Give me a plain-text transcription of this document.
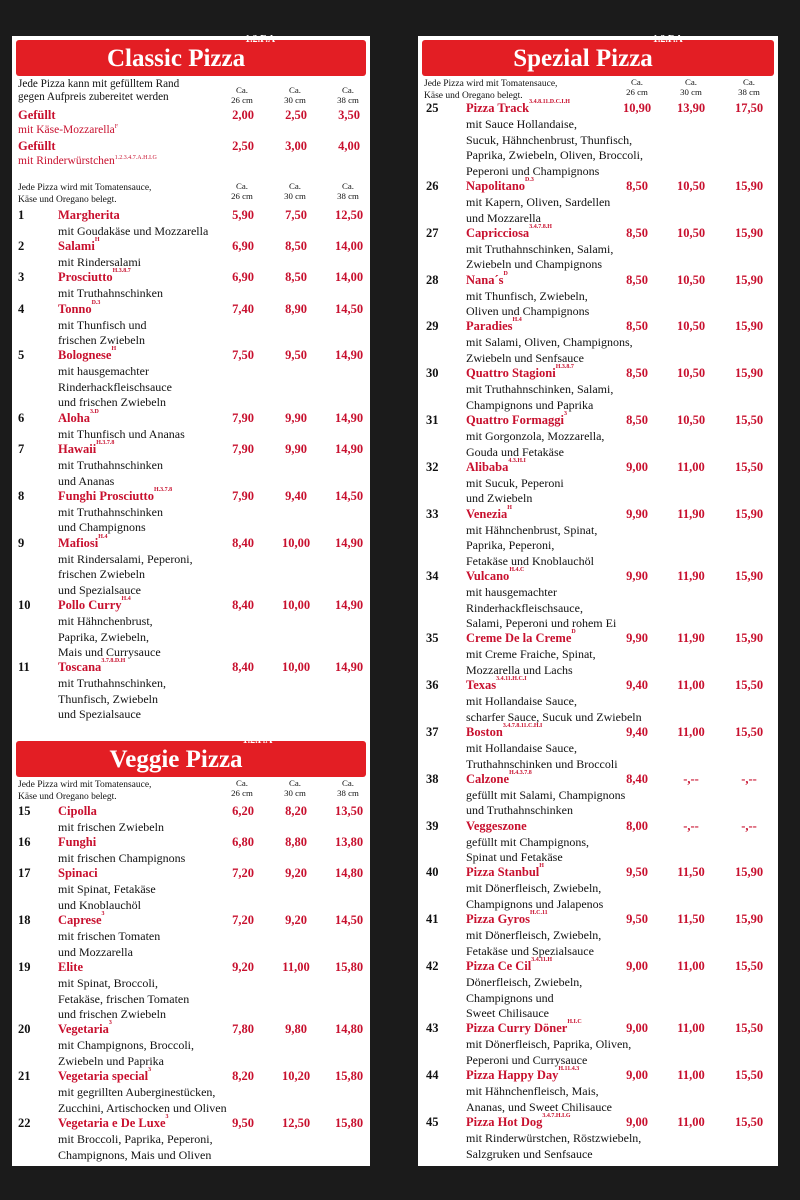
Classic Pizza$^{1.2.F.A}$
Jede Pizza kann mit gefülltem Rand
gegen Aufpreis zubereitet werden
Ca.
26 cm
Ca.
30 cm
Ca.
38 cm
Gefüllt	2,00	2,50	3,50
mit Käse-Mozzarella$^F$
Gefüllt	2,50	3,00	4,00
mit Rinderwürstchen$^{1.2.3.4.7.A.H.I.G}$
Jede Pizza wird mit Tomatensauce,
Käse und Oregano belegt.
Ca.
26 cm
Ca.
30 cm
Ca.
38 cm
1	Margherita	5,90	7,50	12,50
mit Goudakäse und Mozzarella
2	Salami$^H$	6,90	8,50	14,00
mit Rindersalami
3	Prosciutto$^{H.3.8.7}$	6,90	8,50	14,00
mit Truthahnschinken
4	Tonno$^{D.3}$	7,40	8,90	14,50
mit Thunfisch und
frischen Zwiebeln
5	Bolognese$^H$	7,50	9,50	14,90
mit hausgemachter
Rinderhackfleischsauce
und frischen Zwiebeln
6	Aloha$^{3.D}$	7,90	9,90	14,90
mit Thunfisch und Ananas
7	Hawaii$^{H.3.7.8}$	7,90	9,90	14,90
mit Truthahnschinken
und Ananas
8	Funghi Prosciutto$^{H.3.7.8}$	7,90	9,40	14,50
mit Truthahnschinken
und Champignons
9	Mafiosi$^{H.4}$	8,40	10,00	14,90
mit Rindersalami, Peperoni,
frischen Zwiebeln
und Spezialsauce
10 Pollo Curry$^{H.4}$	8,40	10,00	14,90
mit Hähnchenbrust,
Paprika, Zwiebeln,
Mais und Currysauce
11 Toscana$^{3.7.8.D.H}$	8,40	10,00	14,90
mit Truthahnschinken,
Thunfisch, Zwiebeln
und Spezialsauce
Veggie Pizza$^{1.2.F.A}$
Jede Pizza wird mit Tomatensauce,
Käse und Oregano belegt.
Ca.
26 cm
Ca.
30 cm
Ca.
38 cm
15 Cipolla	6,20	8,20	13,50
mit frischen Zwiebeln
16 Funghi	6,80	8,80	13,80
mit frischen Champignons
17 Spinaci	7,20	9,20	14,80
mit Spinat, Fetakäse
und Knoblauchöl
18 Caprese$^3$	7,20	9,20	14,50
mit frischen Tomaten
und Mozzarella
19 Elite	9,20	11,00	15,80
mit Spinat, Broccoli,
Fetakäse, frischen Tomaten
und frischen Zwiebeln
20 Vegetaria$^3$	7,80	9,80	14,80
mit Champignons, Broccoli,
Zwiebeln und Paprika
21 Vegetaria special$^3$	8,20	10,20	15,80
mit gegrillten Auberginestücken,
Zucchini, Artischocken und Oliven
22 Vegetaria e De Luxe$^3$	9,50	12,50	15,80
mit Broccoli, Paprika, Peperoni,
Champignons, Mais und Oliven
Spezial Pizza$^{1.2.F.A}$
Jede Pizza wird mit Tomatensauce,
Käse und Oregano belegt.
Ca.
26 cm
Ca.
30 cm
Ca.
38 cm
25 Pizza Track$^{3.4.8.11.D.C.I.H}$	10,90	13,90	17,50
mit Sauce Hollandaise,
Sucuk, Hähnchenbrust, Thunfisch,
Paprika, Zwiebeln, Oliven, Broccoli,
Peperoni und Champignons
26 Napolitano$^{D.3}$	8,50	10,50	15,90
mit Kapern, Oliven, Sardellen
und Mozzarella
27 Capricciosa$^{3.4.7.8.H}$	8,50	10,50	15,90
mit Truthahnschinken, Salami,
Zwiebeln und Champignons
28 $Nana´s^D$	8,50	10,50	15,90
mit Thunfisch, Zwiebeln,
Oliven und Champignons
29 Paradies$^{H.4}$	8,50	10,50	15,90
mit Salami, Oliven, Champignons,
Zwiebeln und Senfsauce
30 Quattro Stagioni$^{H.3.8.7}$	8,50	10,50	15,90
mit Truthahnschinken, Salami,
Champignons und Paprika
31 Quattro Formaggi$^3$	8,50	10,50	15,50
mit Gorgonzola, Mozzarella,
Gouda und Fetakäse
32 Alibaba$^{4.3.H.I}$	9,00	11,00	15,50
mit Sucuk, Peperoni
und Zwiebeln
33 Venezia$^H$	9,90	11,90	15,90
mit Hähnchenbrust, Spinat,
Paprika, Peperoni,
Fetakäse und Knoblauchöl
34 Vulcano$^{H.4.C}$	9,90	11,90	15,90
mit hausgemachter
Rinderhackfleischsauce,
Salami, Peperoni und rohem Ei
35 Creme De la Creme$^D$	9,90	11,90	15,90
mit Creme Fraiche, Spinat,
Mozzarella und Lachs
36 Texas$^{3.4.11.H.C.I}$	9,40	11,00	15,50
mit Hollandaise Sauce,
scharfer Sauce, Sucuk und Zwiebeln
37 Boston$^{3.4.7.8.11.C.H.I}$	9,40	11,00	15,50
mit Hollandaise Sauce,
Truthahnschinken und Broccoli
38 Calzone$^{H.4.3.7.8}$	8,40	-,--	-,--
gefüllt mit Salami, Champignons
und Truthahnschinken
39 Veggeszone	8,00	-,--	-,--
gefüllt mit Champignons,
Spinat und Fetakäse
40 Pizza Stanbul$^H$	9,50	11,50	15,90
mit Dönerfleisch, Zwiebeln,
Champignons und Jalapenos
41 Pizza Gyros$^{H.C.11}$	9,50	11,50	15,90
mit Dönerfleisch, Zwiebeln,
Fetakäse und Spezialsauce
42 Pizza Ce Cil$^{3.4.11.H}$	9,00	11,00	15,50
Dönerfleisch, Zwiebeln,
Champignons und
Sweet Chilisauce
43 Pizza Curry Döner$^{H.I.C}$	9,00	11,00	15,50
mit Dönerfleisch, Paprika, Oliven,
Peperoni und Currysauce
44 Pizza Happy Day$^{H.11.4.3}$	9,00	11,00	15,50
mit Hähnchenfleisch, Mais,
Ananas, und Sweet Chilisauce
45 Pizza Hot Dog$^{3.4.7.H.I.G}$	9,00	11,00	15,50
mit Rinderwürstchen, Röstzwiebeln,
Salzgruken und Senfsauce
